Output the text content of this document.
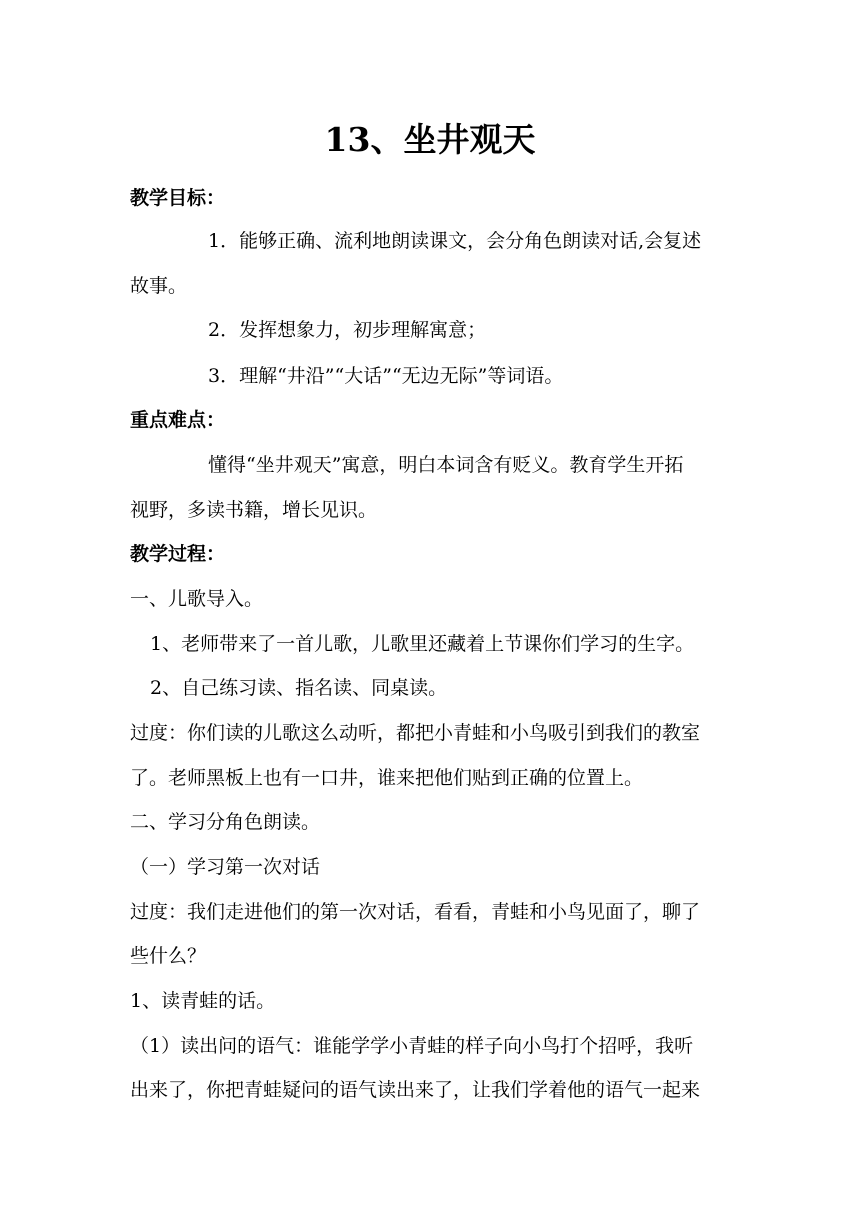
13、坐井观天
教学目标：
1．能够正确、流利地朗读课文，会分角色朗读对话,会复述
故事。
2．发挥想象力，初步理解寓意；
3．理解“井沿”“大话”“无边无际”等词语。
重点难点：
懂得“坐井观天”寓意，明白本词含有贬义。教育学生开拓
视野，多读书籍，增长见识。
教学过程：
一、儿歌导入。
1、老师带来了一首儿歌，儿歌里还藏着上节课你们学习的生字。
2、自己练习读、指名读、同桌读。
过度：你们读的儿歌这么动听，都把小青蛙和小鸟吸引到我们的教室
了。老师黑板上也有一口井，谁来把他们贴到正确的位置上。
二、学习分角色朗读。
（一）学习第一次对话
过度：我们走进他们的第一次对话，看看，青蛙和小鸟见面了，聊了
些什么？
1、读青蛙的话。
（1）读出问的语气：谁能学学小青蛙的样子向小鸟打个招呼，我听
出来了，你把青蛙疑问的语气读出来了，让我们学着他的语气一起来
